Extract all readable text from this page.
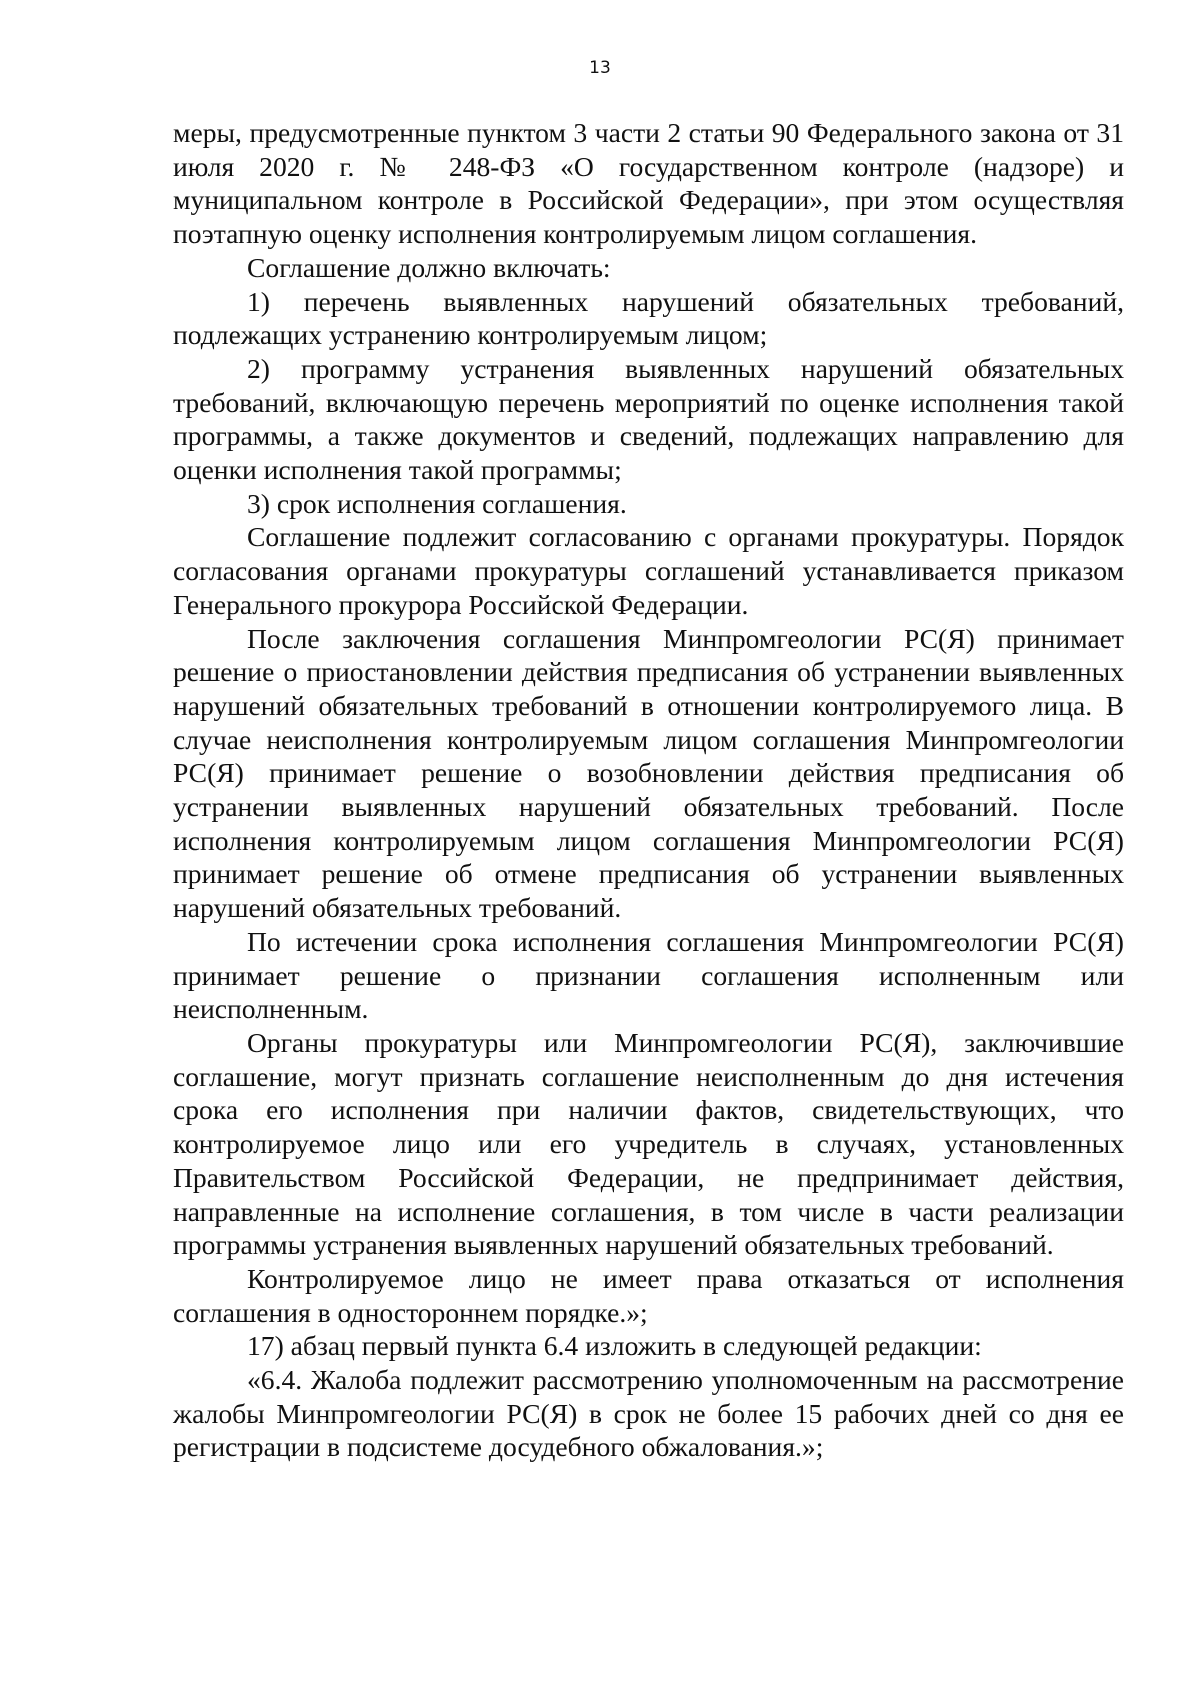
13

меры, предусмотренные пунктом 3 части 2 статьи 90 Федерального закона от 31 июля 2020 г. № 248-ФЗ «О государственном контроле (надзоре) и муниципальном контроле в Российской Федерации», при этом осуществляя поэтапную оценку исполнения контролируемым лицом соглашения.

Соглашение должно включать:

1) перечень выявленных нарушений обязательных требований, подлежащих устранению контролируемым лицом;

2) программу устранения выявленных нарушений обязательных требований, включающую перечень мероприятий по оценке исполнения такой программы, а также документов и сведений, подлежащих направлению для оценки исполнения такой программы;

3) срок исполнения соглашения.

Соглашение подлежит согласованию с органами прокуратуры. Порядок согласования органами прокуратуры соглашений устанавливается приказом Генерального прокурора Российской Федерации.

После заключения соглашения Минпромгеологии РС(Я) принимает решение о приостановлении действия предписания об устранении выявленных нарушений обязательных требований в отношении контролируемого лица. В случае неисполнения контролируемым лицом соглашения Минпромгеологии РС(Я) принимает решение о возобновлении действия предписания об устранении выявленных нарушений обязательных требований. После исполнения контролируемым лицом соглашения Минпромгеологии РС(Я) принимает решение об отмене предписания об устранении выявленных нарушений обязательных требований.

По истечении срока исполнения соглашения Минпромгеологии РС(Я) принимает решение о признании соглашения исполненным или неисполненным.

Органы прокуратуры или Минпромгеологии РС(Я), заключившие соглашение, могут признать соглашение неисполненным до дня истечения срока его исполнения при наличии фактов, свидетельствующих, что контролируемое лицо или его учредитель в случаях, установленных Правительством Российской Федерации, не предпринимает действия, направленные на исполнение соглашения, в том числе в части реализации программы устранения выявленных нарушений обязательных требований.

Контролируемое лицо не имеет права отказаться от исполнения соглашения в одностороннем порядке.»;

17) абзац первый пункта 6.4 изложить в следующей редакции:

«6.4. Жалоба подлежит рассмотрению уполномоченным на рассмотрение жалобы Минпромгеологии РС(Я) в срок не более 15 рабочих дней со дня ее регистрации в подсистеме досудебного обжалования.»;
